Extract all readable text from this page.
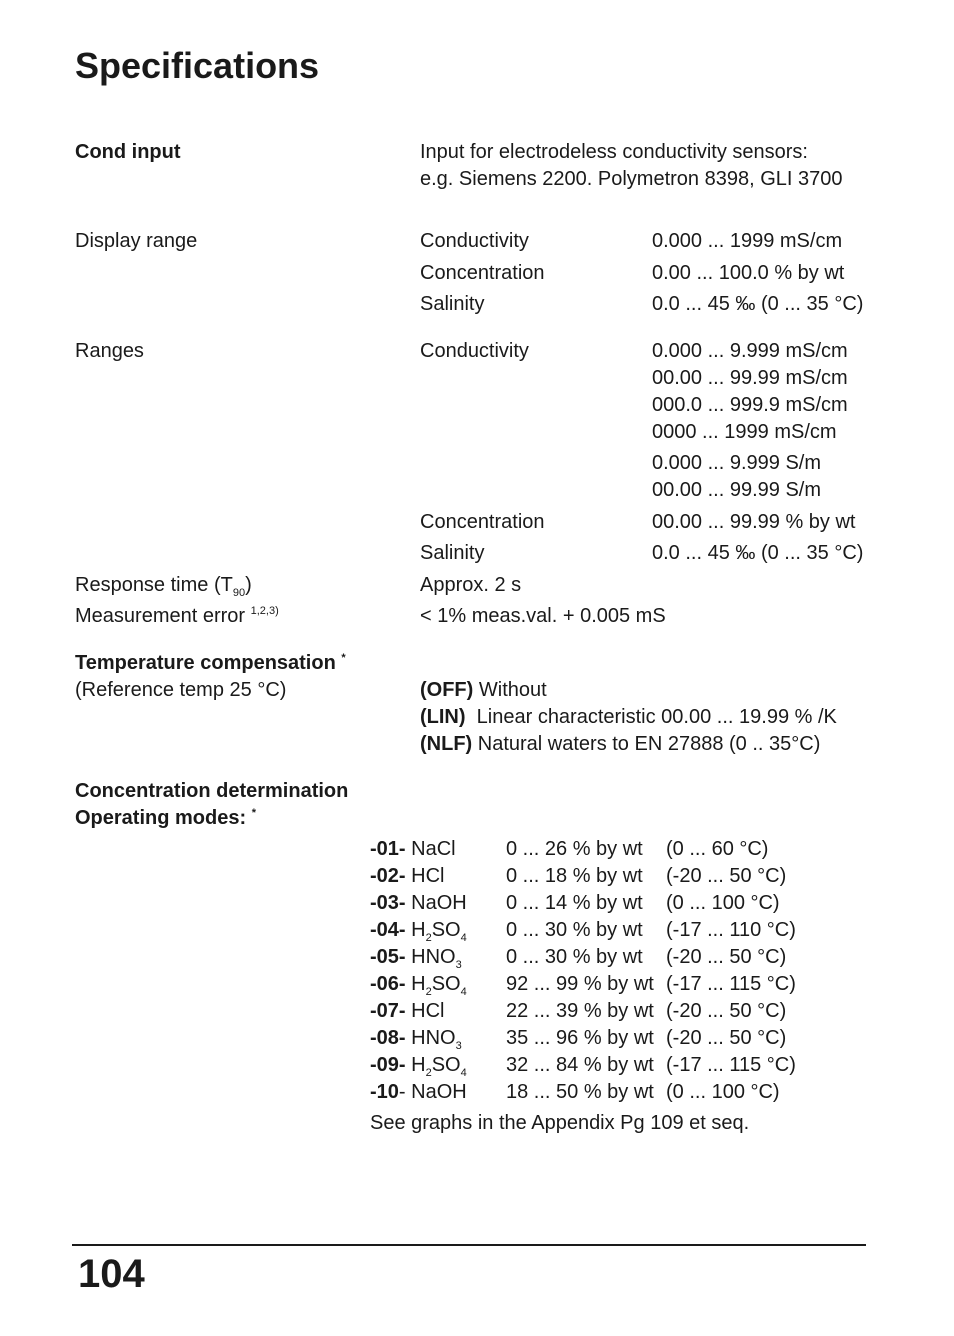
Specifications
Cond input	Input for electrodeless conductivity sensors:
e.g. Siemens 2200. Polymetron 8398, GLI 3700
Display range	Conductivity	0.000 ... 1999 mS/cm
Concentration	0.00 ... 100.0 % by wt
Salinity	0.0 ... 45 ‰ (0 ... 35 °C)
Ranges	Conductivity	0.000 ... 9.999 mS/cm
00.00 ... 99.99 mS/cm
000.0 ... 999.9 mS/cm
0000 ... 1999 mS/cm
0.000 ... 9.999 S/m
00.00 ... 99.99 S/m
Concentration	00.00 ... 99.99 % by wt
Salinity	0.0 ... 45 ‰ (0 ... 35 °C)
Response time $(T_{90})$	Approx. 2 s
Measurement error $^{1,2,3)}$	< 1% meas.val. + 0.005 mS
Temperature compensation *
(Reference temp 25 °C)	(OFF) Without
(LIN)  Linear characteristic 00.00 ... 19.99 % /K
(NLF) Natural waters to EN 27888 (0 .. 35°C)
Concentration determination
Operating modes: *
-01- NaCl	0 ... 26 % by wt (0 ... 60 °C)
-02- HCl	0 ... 18 % by wt (-20 ... 50 °C)
-03- NaOH 0 ... 14 % by wt (0 ... 100 °C)
-04- $H_2SO_4$ 0 ... 30 % by wt (-17 ... 110 °C)
-05- $HNO_3$ 0 ... 30 % by wt (-20 ... 50 °C)
-06- $H_2SO_4$ 92 ... 99 % by wt (-17 ... 115 °C)
-07- HCl	22 ... 39 % by wt (-20 ... 50 °C)
-08- $HNO_3$ 35 ... 96 % by wt (-20 ... 50 °C)
-09- $H_2SO_4$ 32 ... 84 % by wt (-17 ... 115 °C)
-10- NaOH 18 ... 50 % by wt (0 ... 100 °C)
See graphs in the Appendix Pg 109 et seq.
104
